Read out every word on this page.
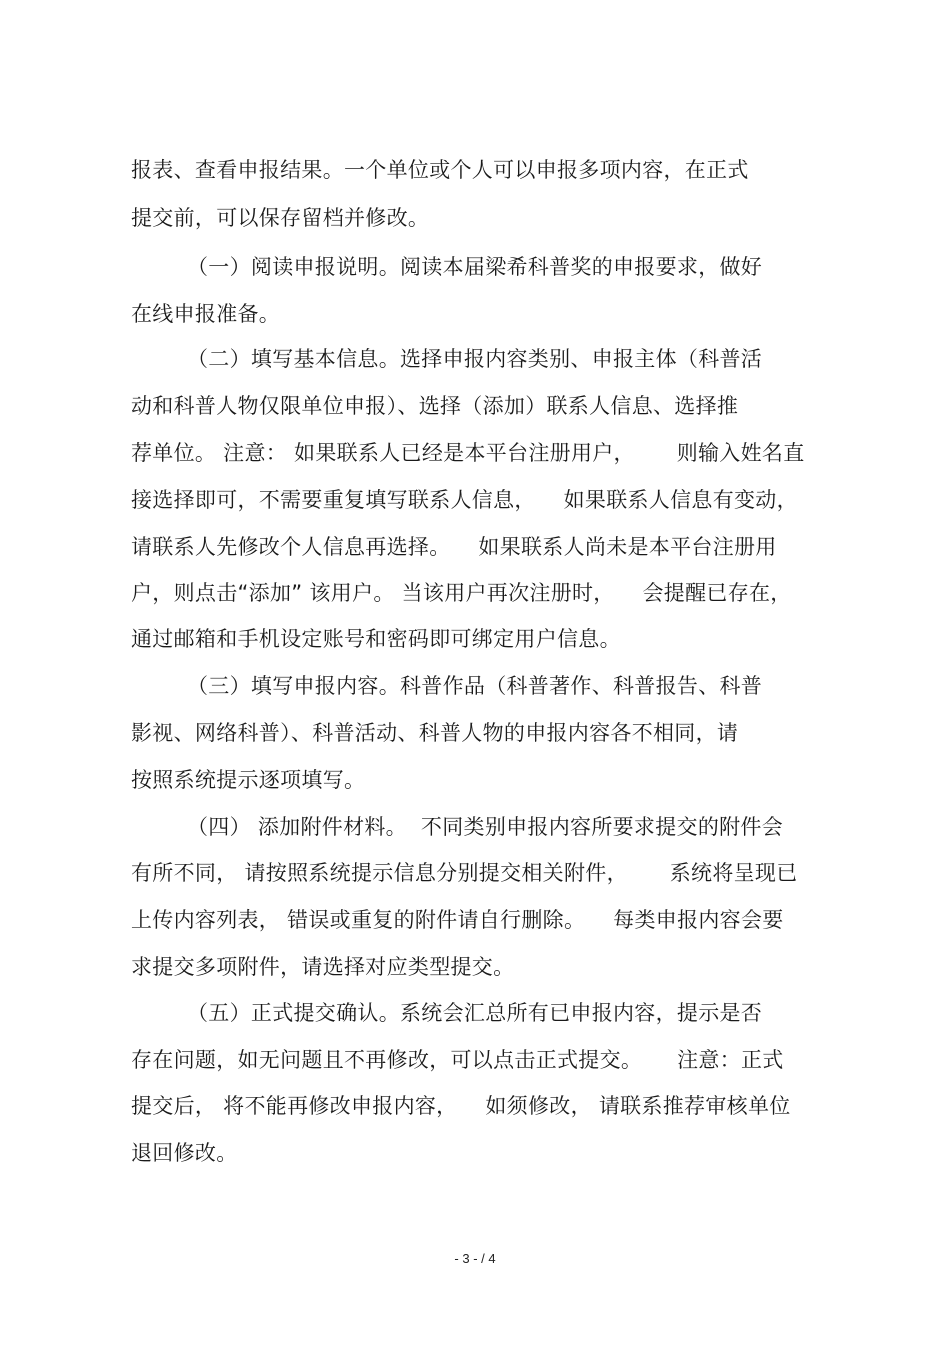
报表、查看申报结果。一个单位或个人可以申报多项内容，在正式
提交前，可以保存留档并修改。
（一）阅读申报说明。阅读本届梁希科普奖的申报要求，做好
在线申报准备。
（二）填写基本信息。选择申报内容类别、申报主体（科普活
动和科普人物仅限单位申报）、选择（添加）联系人信息、选择推
荐单位。 注意： 如果联系人已经是本平台注册用户，      则输入姓名直
接选择即可，不需要重复填写联系人信息，    如果联系人信息有变动，
请联系人先修改个人信息再选择。    如果联系人尚未是本平台注册用
户，则点击“添加” 该用户。 当该用户再次注册时，    会提醒已存在，
通过邮箱和手机设定账号和密码即可绑定用户信息。
（三）填写申报内容。科普作品（科普著作、科普报告、科普
影视、网络科普）、科普活动、科普人物的申报内容各不相同，请
按照系统提示逐项填写。
（四） 添加附件材料。  不同类别申报内容所要求提交的附件会
有所不同， 请按照系统提示信息分别提交相关附件，      系统将呈现已
上传内容列表， 错误或重复的附件请自行删除。    每类申报内容会要
求提交多项附件，请选择对应类型提交。
（五）正式提交确认。系统会汇总所有已申报内容，提示是否
存在问题，如无问题且不再修改，可以点击正式提交。     注意：正式
提交后， 将不能再修改申报内容，    如须修改， 请联系推荐审核单位
退回修改。
- 3 - / 4
